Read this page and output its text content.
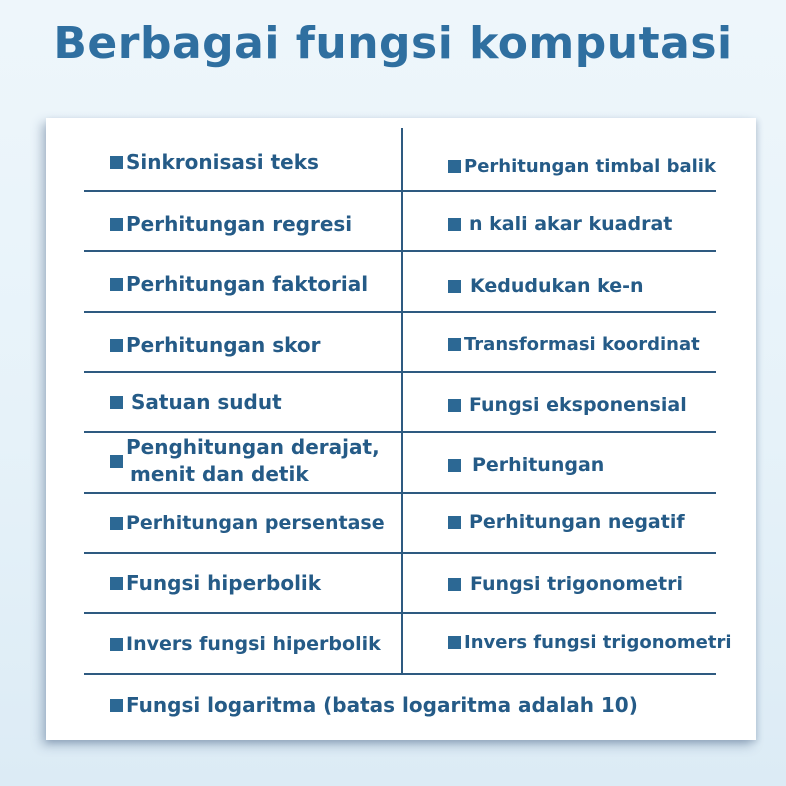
Berbagai fungsi komputasi
Sinkronisasi teks
Perhitungan regresi
Perhitungan faktorial
Perhitungan skor
Satuan sudut
Penghitungan derajat,
menit dan detik
Perhitungan persentase
Fungsi hiperbolik
Invers fungsi hiperbolik
Perhitungan timbal balik
n kali akar kuadrat
Kedudukan ke-n
Transformasi koordinat
Fungsi eksponensial
Perhitungan
Perhitungan negatif
Fungsi trigonometri
Invers fungsi trigonometri
Fungsi logaritma (batas logaritma adalah 10)
